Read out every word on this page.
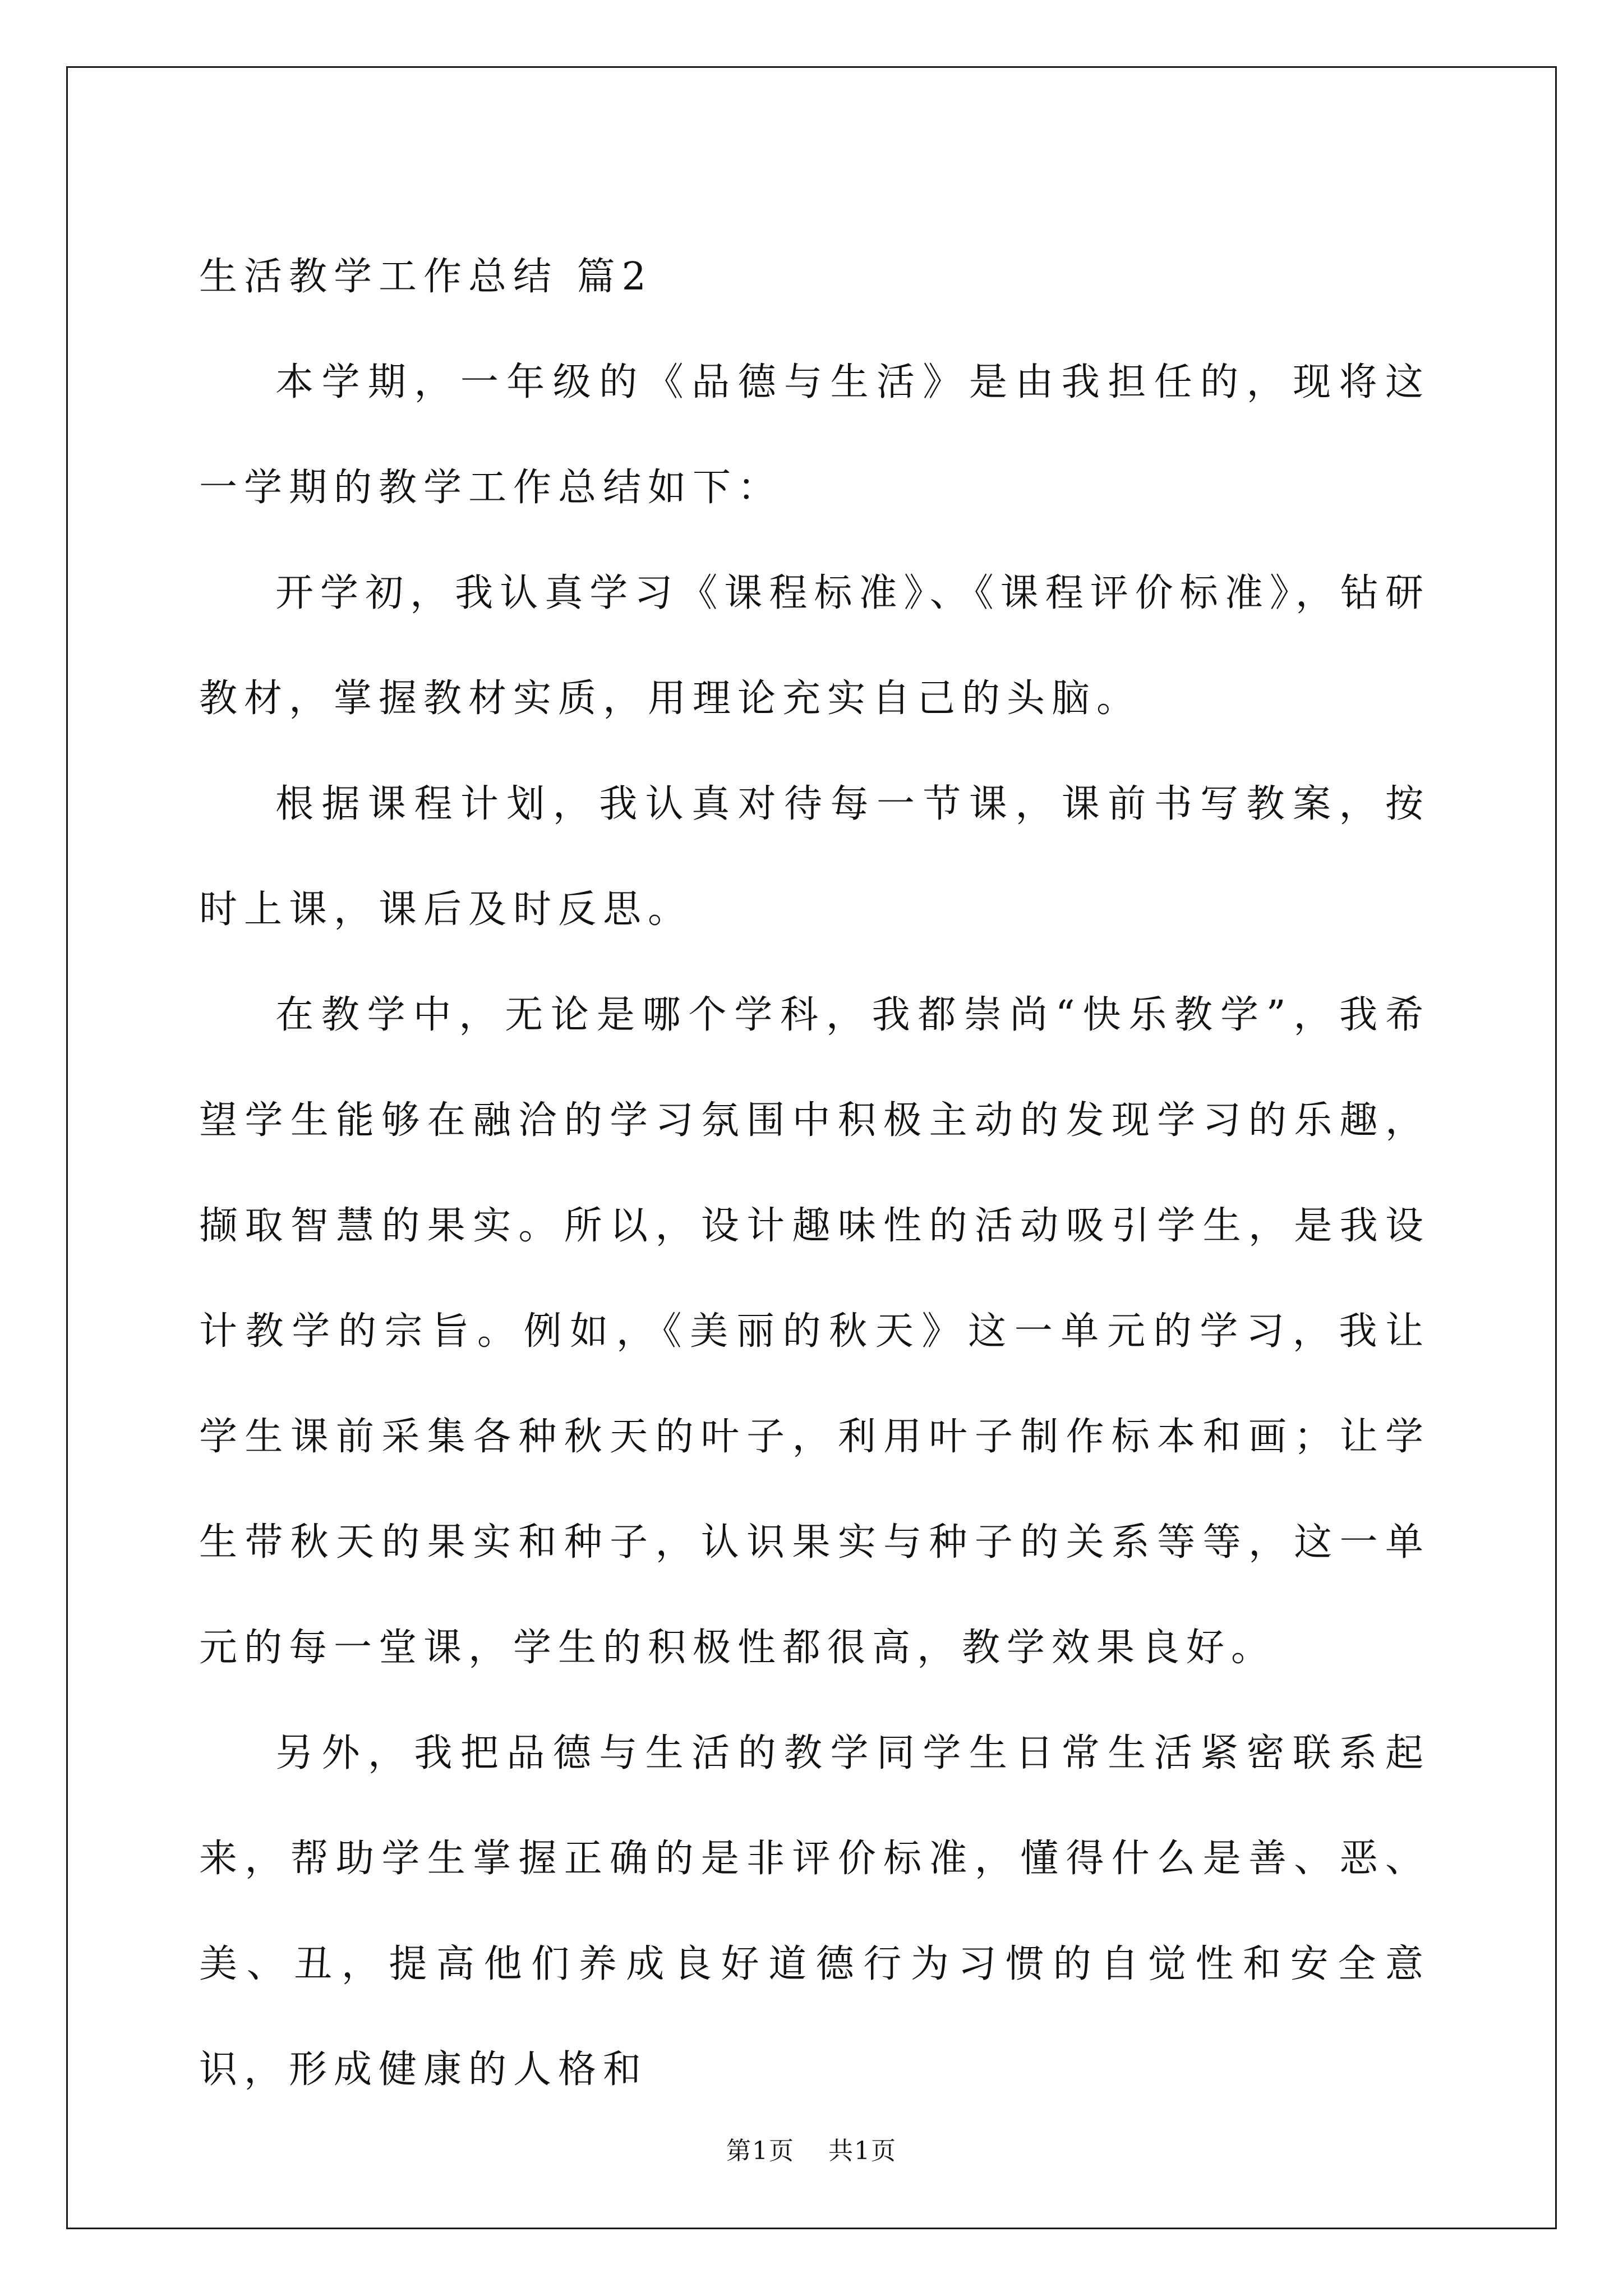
生活教学工作总结 篇2

本学期，一年级的《品德与生活》是由我担任的，现将这一学期的教学工作总结如下：

开学初，我认真学习《课程标准》、《课程评价标准》，钻研教材，掌握教材实质，用理论充实自己的头脑。

根据课程计划，我认真对待每一节课，课前书写教案，按时上课，课后及时反思。

在教学中，无论是哪个学科，我都崇尚“快乐教学”，我希望学生能够在融洽的学习氛围中积极主动的发现学习的乐趣，撷取智慧的果实。所以，设计趣味性的活动吸引学生，是我设计教学的宗旨。例如，《美丽的秋天》这一单元的学习，我让学生课前采集各种秋天的叶子，利用叶子制作标本和画；让学生带秋天的果实和种子，认识果实与种子的关系等等，这一单元的每一堂课，学生的积极性都很高，教学效果良好。

另外，我把品德与生活的教学同学生日常生活紧密联系起来，帮助学生掌握正确的是非评价标准，懂得什么是善、恶、美、丑，提高他们养成良好道德行为习惯的自觉性和安全意识，形成健康的人格和

第1页 共1页
